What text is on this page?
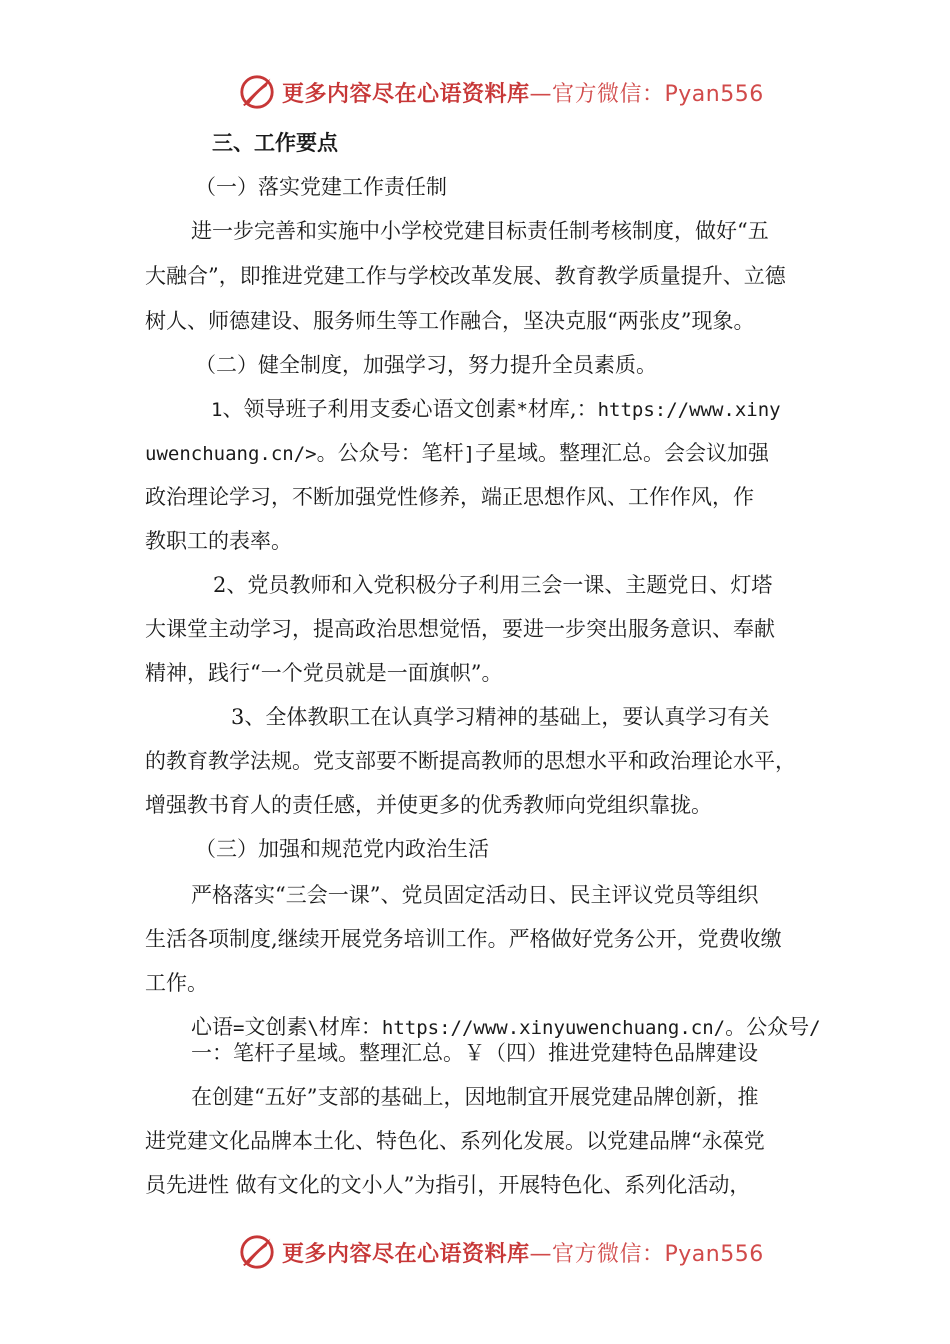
更多内容尽在心语资料库—官方微信：Pyan556
三、工作要点
（一）落实党建工作责任制
进一步完善和实施中小学校党建目标责任制考核制度，做好“五
大融合”，即推进党建工作与学校改革发展、教育教学质量提升、立德
树人、师德建设、服务师生等工作融合，坚决克服“两张皮”现象。
（二）健全制度，加强学习，努力提升全员素质。
1、领导班子利用支委心语文创素*材库,：https://www.xiny
uwenchuang.cn/>。公众号：笔杆]子星域。整理汇总。会会议加强
政治理论学习，不断加强党性修养，端正思想作风、工作作风，作
教职工的表率。
2、党员教师和入党积极分子利用三会一课、主题党日、灯塔
大课堂主动学习，提高政治思想觉悟，要进一步突出服务意识、奉献
精神，践行“一个党员就是一面旗帜”。
3、全体教职工在认真学习精神的基础上，要认真学习有关
的教育教学法规。党支部要不断提高教师的思想水平和政治理论水平，
增强教书育人的责任感，并使更多的优秀教师向党组织靠拢。
（三）加强和规范党内政治生活
严格落实“三会一课”、党员固定活动日、民主评议党员等组织
生活各项制度,继续开展党务培训工作。严格做好党务公开，党费收缴
工作。
心语=文创素\材库：https://www.xinyuwenchuang.cn/。公众号/
一：笔杆子星域。整理汇总。￥（四）推进党建特色品牌建设
在创建“五好”支部的基础上，因地制宜开展党建品牌创新，推
进党建文化品牌本土化、特色化、系列化发展。以党建品牌“永葆党
员先进性 做有文化的文小人”为指引，开展特色化、系列化活动，
更多内容尽在心语资料库—官方微信：Pyan556
